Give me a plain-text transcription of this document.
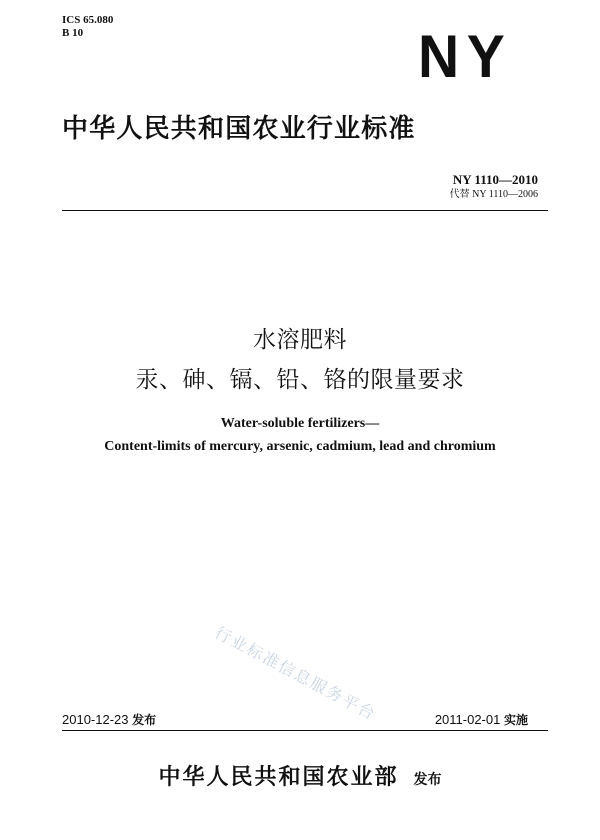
ICS 65.080
B 10	NY
中华人民共和国农业行业标准
NY 1110—2010
代替 NY 1110—2006
水溶肥料
汞、砷、镉、铅、铬的限量要求
Water-soluble fertilizers—
Content-limits of mercury, arsenic, cadmium, lead and chromium
行业标准信息服务平台
2010-12-23 发布	2011-02-01 实施
中华人民共和国农业部 发布
